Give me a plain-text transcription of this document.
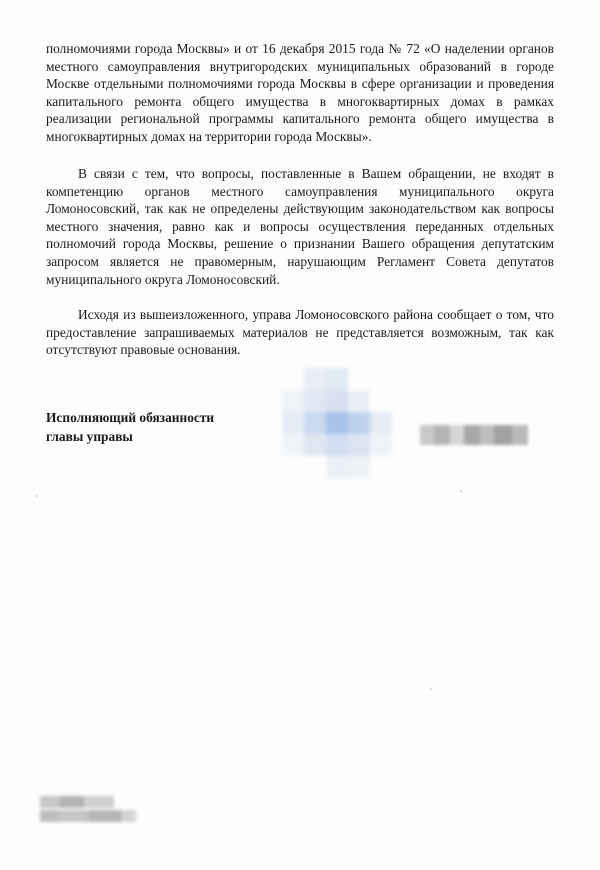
полномочиями города Москвы» и от 16 декабря 2015 года № 72 «О наделении органов местного самоуправления внутригородских муниципальных образований в городе Москве отдельными полномочиями города Москвы в сфере организации и проведения капитального ремонта общего имущества в многоквартирных домах в рамках реализации региональной программы капитального ремонта общего имущества в многоквартирных домах на территории города Москвы».

В связи с тем, что вопросы, поставленные в Вашем обращении, не входят в компетенцию органов местного самоуправления муниципального округа Ломоносовский, так как не определены действующим законодательством как вопросы местного значения, равно как и вопросы осуществления переданных отдельных полномочий города Москвы, решение о признании Вашего обращения депутатским запросом является не правомерным, нарушающим Регламент Совета депутатов муниципального округа Ломоносовский.

Исходя из вышеизложенного, управа Ломоносовского района сообщает о том, что предоставление запрашиваемых материалов не представляется возможным, так как отсутствуют правовые основания.

Исполняющий обязанности
главы управы
